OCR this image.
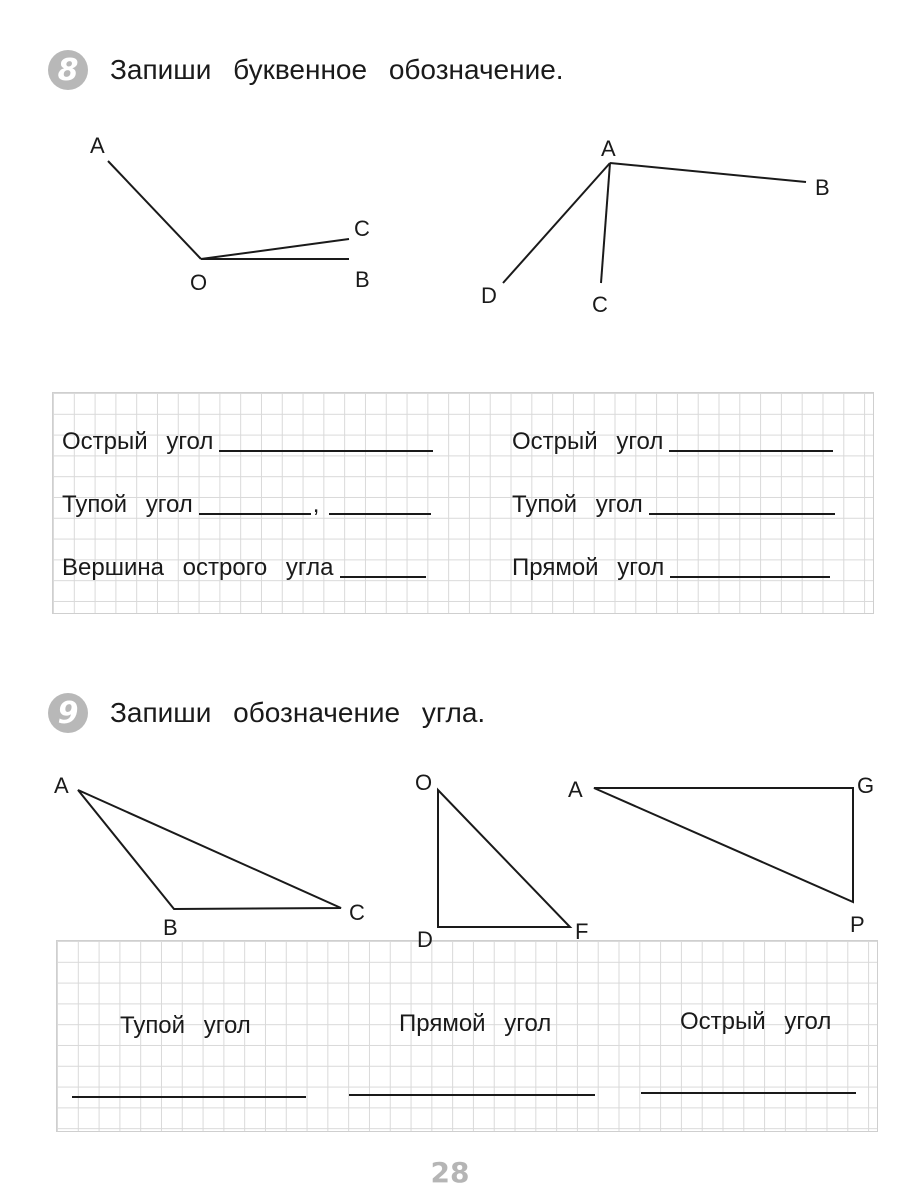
8	Запиши буквенное обозначение.
A
O
C
B
A
B
D	C
Острый угол
Тупой угол	,
Вершина острого угла
Острый угол
Тупой угол
Прямой угол
9	Запиши обозначение угла.
A
B
C
O
D	F
A	G
P
Тупой угол	Прямой угол	Острый угол
28
